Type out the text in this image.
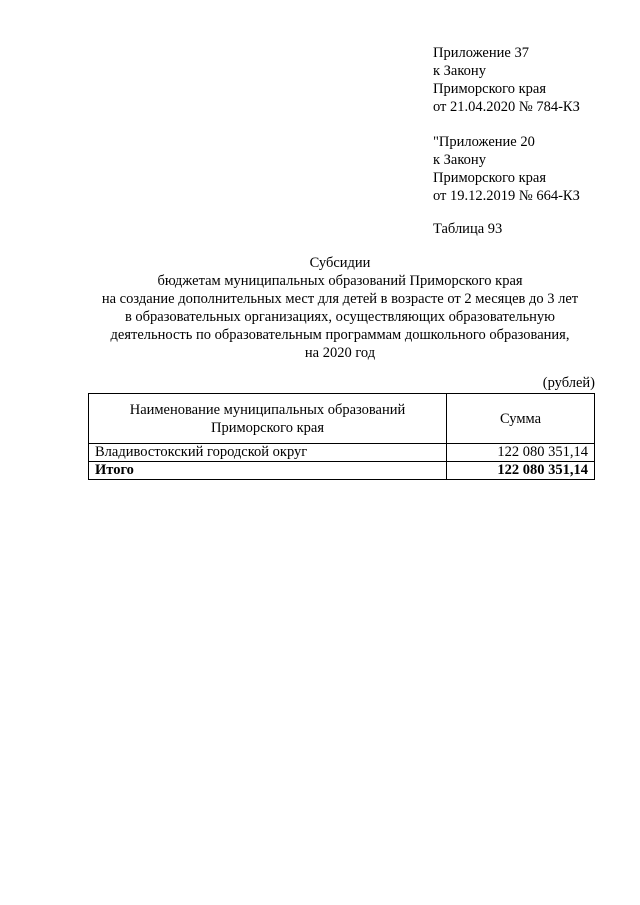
Приложение 37
к Закону
Приморского края
от 21.04.2020 № 784-КЗ
"Приложение 20
к Закону
Приморского края
от 19.12.2019 № 664-КЗ
Таблица 93
Субсидии
бюджетам муниципальных образований Приморского края
на создание дополнительных мест для детей в возрасте от 2 месяцев до 3 лет
в образовательных организациях, осуществляющих образовательную
деятельность по образовательным программам дошкольного образования,
на 2020 год
(рублей)
Наименование муниципальных образований
Приморского края	Сумма
Владивостокский городской округ	122 080 351,14
Итого	122 080 351,14
